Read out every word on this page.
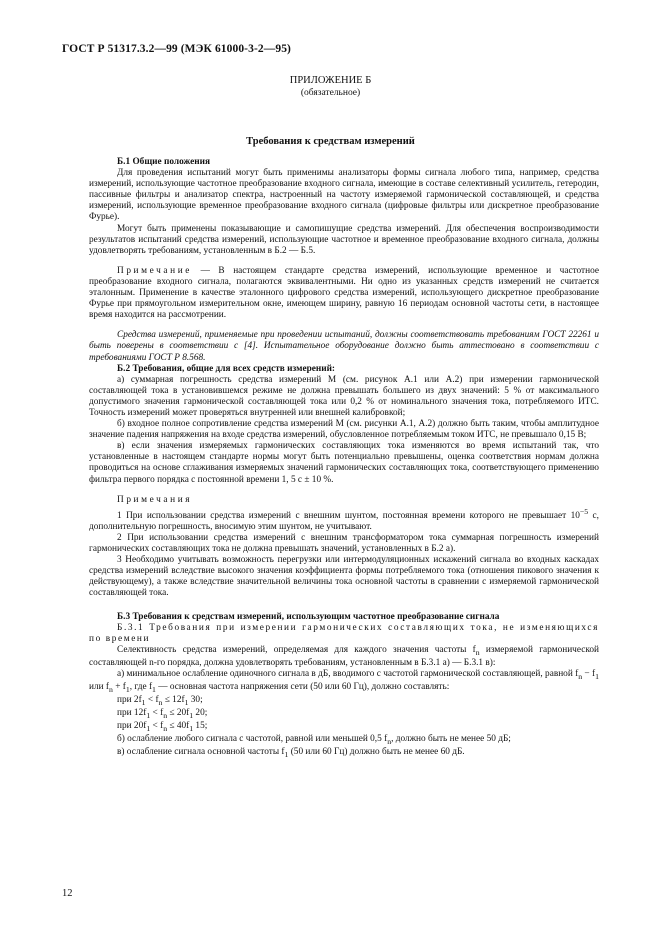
ГОСТ Р 51317.3.2—99 (МЭК 61000-3-2—95)
ПРИЛОЖЕНИЕ Б
(обязательное)
Требования к средствам измерений

Б.1 Общие положения

Для проведения испытаний могут быть применимы анализаторы формы сигнала любого типа, например, средства измерений, использующие частотное преобразование входного сигнала, имеющие в составе селективный усилитель, гетеродин, пассивные фильтры и анализатор спектра, настроенный на частоту измеряемой гармонической составляющей, и средства измерений, использующие временное преобразование входного сигнала (цифровые фильтры или дискретное преобразование Фурье).

Могут быть применены показывающие и самопишущие средства измерений. Для обеспечения воспроизводимости результатов испытаний средства измерений, использующие частотное и временное преобразование входного сигнала, должны удовлетворять требованиям, установленным в Б.2 — Б.5.

Примечание — В настоящем стандарте средства измерений, использующие временное и частотное преобразование входного сигнала, полагаются эквивалентными. Ни одно из указанных средств измерений не считается эталонным. Применение в качестве эталонного цифрового средства измерений, использующего дискретное преобразование Фурье при прямоугольном измерительном окне, имеющем ширину, равную 16 периодам основной частоты сети, в настоящее время находится на рассмотрении.

Средства измерений, применяемые при проведении испытаний, должны соответствовать требованиям ГОСТ 22261 и быть поверены в соответствии с [4]. Испытательное оборудование должно быть аттестовано в соответствии с требованиями ГОСТ Р 8.568.

Б.2 Требования, общие для всех средств измерений:

а) суммарная погрешность средства измерений М (см. рисунок А.1 или А.2) при измерении гармонической составляющей тока в установившемся режиме не должна превышать большего из двух значений: 5 % от максимального допустимого значения гармонической составляющей тока или 0,2 % от номинального значения тока, потребляемого ИТС. Точность измерений может проверяться внутренней или внешней калибровкой;

б) входное полное сопротивление средства измерений М (см. рисунки А.1, А.2) должно быть таким, чтобы амплитудное значение падения напряжения на входе средства измерений, обусловленное потребляемым током ИТС, не превышало 0,15 В;

в) если значения измеряемых гармонических составляющих тока изменяются во время испытаний так, что установленные в настоящем стандарте нормы могут быть потенциально превышены, оценка соответствия нормам должна проводиться на основе сглаживания измеряемых значений гармонических составляющих тока, соответствующего применению фильтра первого порядка с постоянной времени 1, 5 с ± 10 %.

Примечания

1 При использовании средства измерений с внешним шунтом, постоянная времени которого не превышает $10^{-5}$ с, дополнительную погрешность, вносимую этим шунтом, не учитывают.

2 При использовании средства измерений с внешним трансформатором тока суммарная погрешность измерений гармонических составляющих тока не должна превышать значений, установленных в Б.2 а).

3 Необходимо учитывать возможность перегрузки или интермодуляционных искажений сигнала во входных каскадах средства измерений вследствие высокого значения коэффициента формы потребляемого тока (отношения пикового значения к действующему), а также вследствие значительной величины тока основной частоты в сравнении с измеряемой гармонической составляющей тока.

Б.3 Требования к средствам измерений, использующим частотное преобразование сигнала

Б.3.1 Требования при измерении гармонических составляющих тока, не изменяющихся по времени

Селективность средства измерений, определяемая для каждого значения частоты $f_n$ измеряемой гармонической составляющей n-го порядка, должна удовлетворять требованиям, установленным в Б.3.1 а) — Б.3.1 в):

а) минимальное ослабление одиночного сигнала в дБ, вводимого с частотой гармонической составляющей, равной $f_n - f_1$ или $f_n + f_1$, где $f_1$ — основная частота напряжения сети (50 или 60 Гц), должно составлять:

при $2f_1 < f_n \le 12f_1$ 30;

при $12f_1 < f_n \le 20f_1$ 20;

при $20f_1 < f_n \le 40f_1$ 15;

б) ослабление любого сигнала с частотой, равной или меньшей 0,5 $f_n$, должно быть не менее 50 дБ;

в) ослабление сигнала основной частоты $f_1$ (50 или 60 Гц) должно быть не менее 60 дБ.

12
